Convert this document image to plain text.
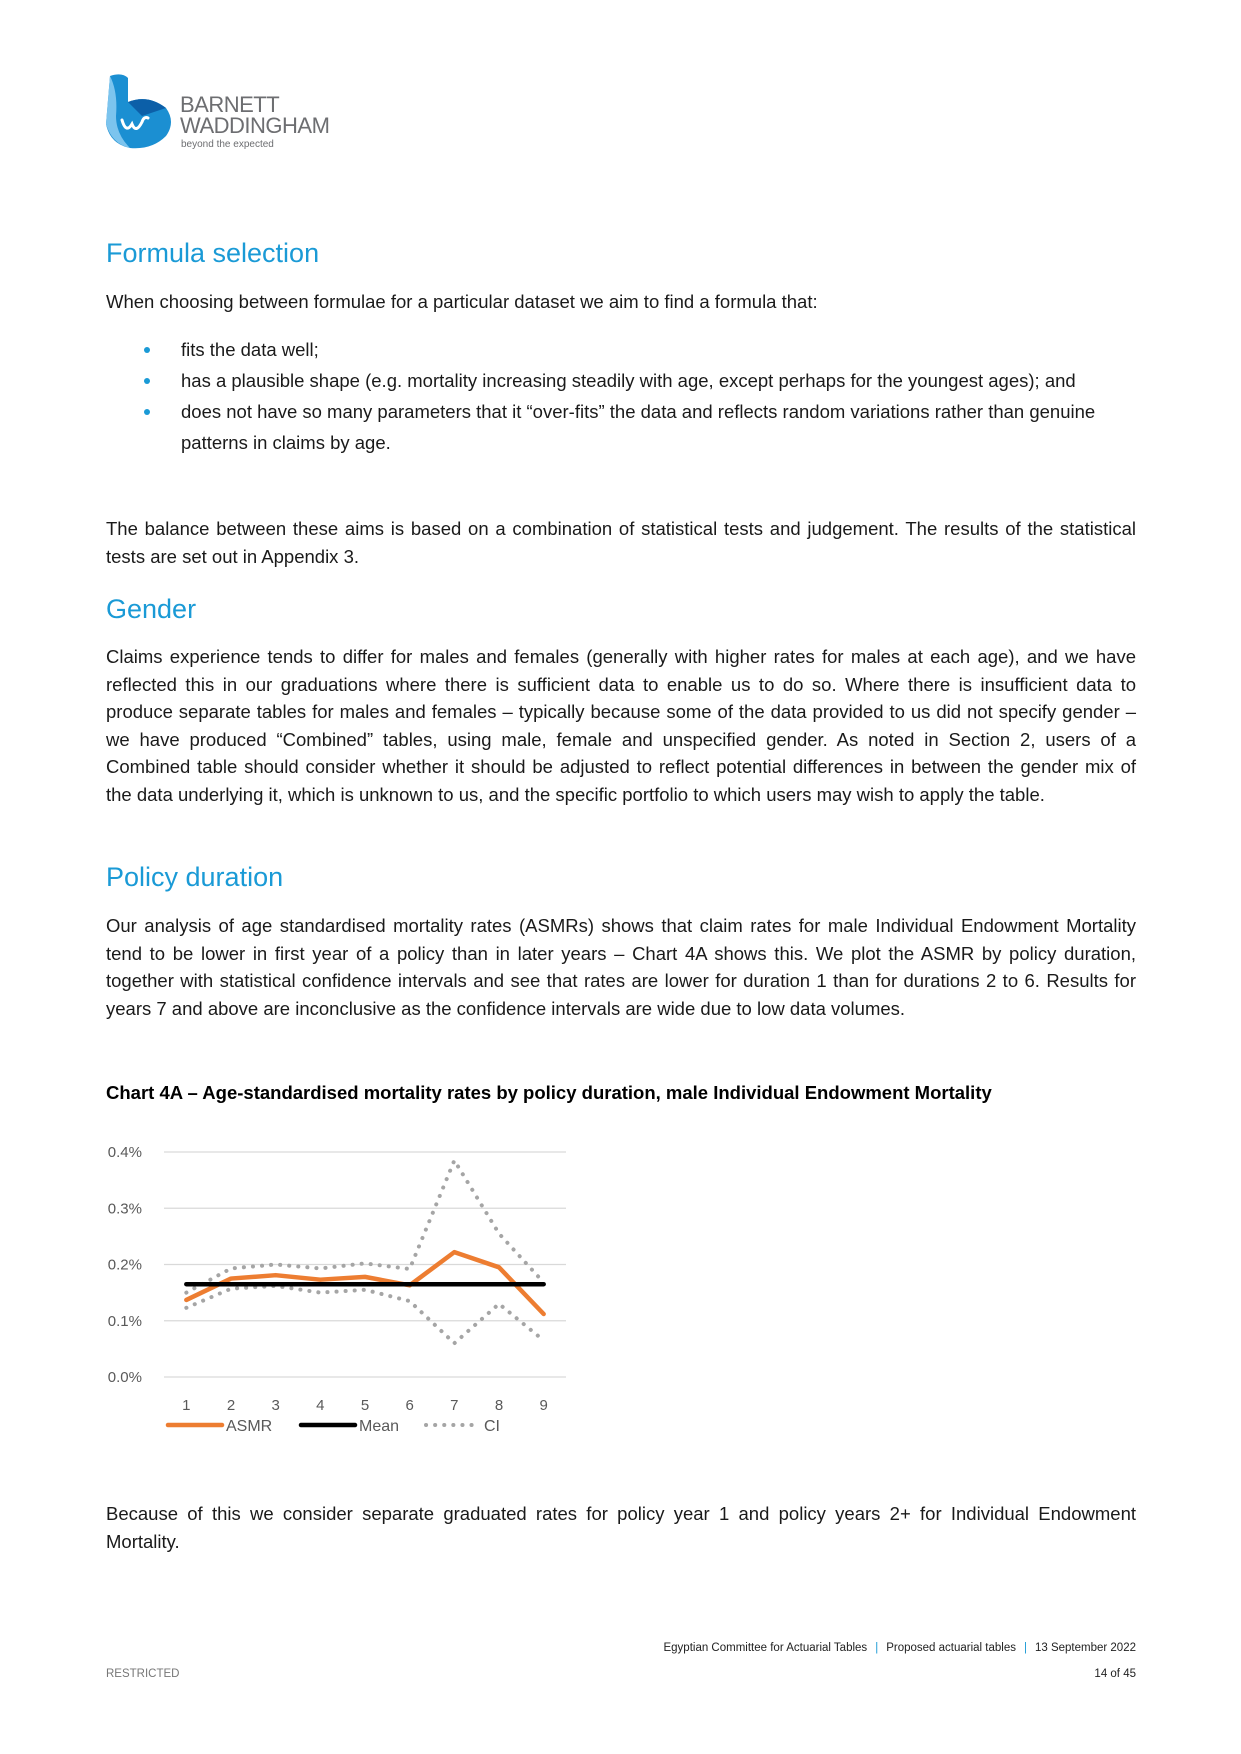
BARNETT
WADDINGHAM
beyond the expected
Formula selection

When choosing between formulae for a particular dataset we aim to find a formula that:

fits the data well;
has a plausible shape (e.g. mortality increasing steadily with age, except perhaps for the youngest ages); and
does not have so many parameters that it “over-fits” the data and reflects random variations rather than genuine patterns in claims by age.

The balance between these aims is based on a combination of statistical tests and judgement. The results of the statistical tests are set out in Appendix 3.

Gender

Claims experience tends to differ for males and females (generally with higher rates for males at each age), and we have reflected this in our graduations where there is sufficient data to enable us to do so. Where there is insufficient data to produce separate tables for males and females – typically because some of the data provided to us did not specify gender – we have produced “Combined” tables, using male, female and unspecified gender. As noted in Section 2, users of a Combined table should consider whether it should be adjusted to reflect potential differences in between the gender mix of the data underlying it, which is unknown to us, and the specific portfolio to which users may wish to apply the table.

Policy duration

Our analysis of age standardised mortality rates (ASMRs) shows that claim rates for male Individual Endowment Mortality tend to be lower in first year of a policy than in later years – Chart 4A shows this. We plot the ASMR by policy duration, together with statistical confidence intervals and see that rates are lower for duration 1 than for durations 2 to 6. Results for years 7 and above are inconclusive as the confidence intervals are wide due to low data volumes.

Chart 4A – Age-standardised mortality rates by policy duration, male Individual Endowment Mortality
0.0%
0.1%
0.2%
0.3%
0.4%
1 2 3 4 5 6 7 8 9
ASMR	Mean	CI

Because of this we consider separate graduated rates for policy year 1 and policy years 2+ for Individual Endowment Mortality.

Egyptian Committee for Actuarial Tables | Proposed actuarial tables | 13 September 2022
RESTRICTED	14 of 45
